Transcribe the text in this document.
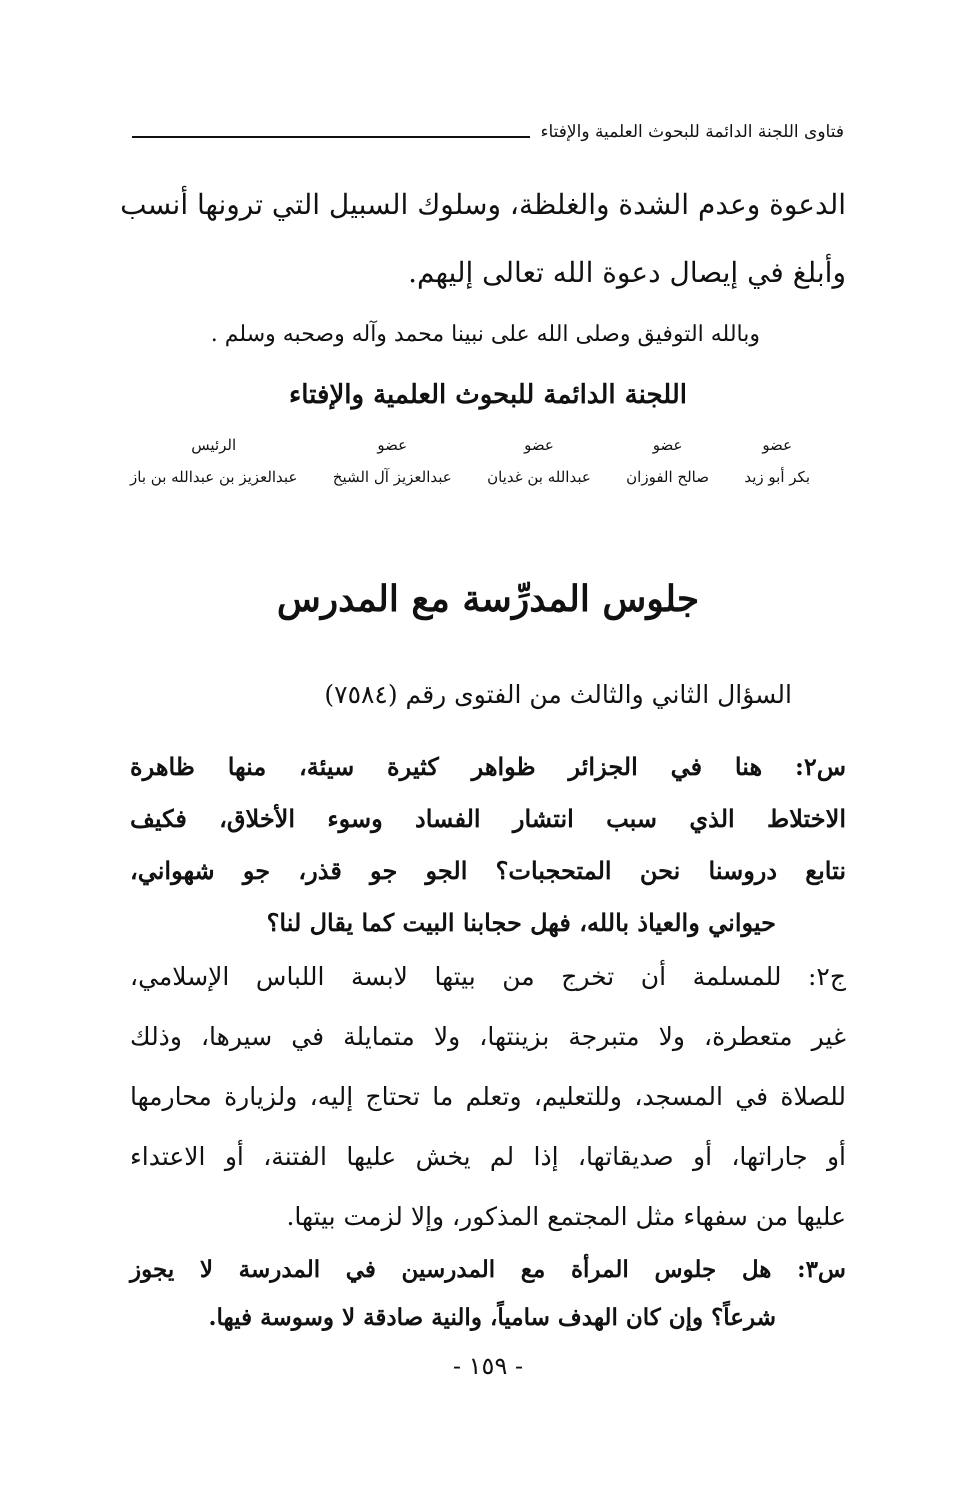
فتاوى اللجنة الدائمة للبحوث العلمية والإفتاء
الدعوة وعدم الشدة والغلظة، وسلوك السبيل التي ترونها أنسب
وأبلغ في إيصال دعوة الله تعالى إليهم.
وبالله التوفيق وصلى الله على نبينا محمد وآله وصحبه وسلم .
اللجنة الدائمة للبحوث العلمية والإفتاء
عضو
بكر أبو زيد
عضو
صالح الفوزان
عضو
عبدالله بن غديان
عضو
عبدالعزيز آل الشيخ
الرئيس
عبدالعزيز بن عبدالله بن باز
جلوس المدرِّسة مع المدرس
السؤال الثاني والثالث من الفتوى رقم (٧٥٨٤)
س٢: هنا في الجزائر ظواهر كثيرة سيئة، منها ظاهرة
الاختلاط الذي سبب انتشار الفساد وسوء الأخلاق، فكيف
نتابع دروسنا نحن المتحجبات؟ الجو جو قذر، جو شهواني،
حيواني والعياذ بالله، فهل حجابنا البيت كما يقال لنا؟
ج٢: للمسلمة أن تخرج من بيتها لابسة اللباس الإسلامي،
غير متعطرة، ولا متبرجة بزينتها، ولا متمايلة في سيرها، وذلك
للصلاة في المسجد، وللتعليم، وتعلم ما تحتاج إليه، ولزيارة محارمها
أو جاراتها، أو صديقاتها، إذا لم يخش عليها الفتنة، أو الاعتداء
عليها من سفهاء مثل المجتمع المذكور، وإلا لزمت بيتها.
س٣: هل جلوس المرأة مع المدرسين في المدرسة لا يجوز
شرعاً؟ وإن كان الهدف سامياً، والنية صادقة لا وسوسة فيها.
- ١٥٩ -
